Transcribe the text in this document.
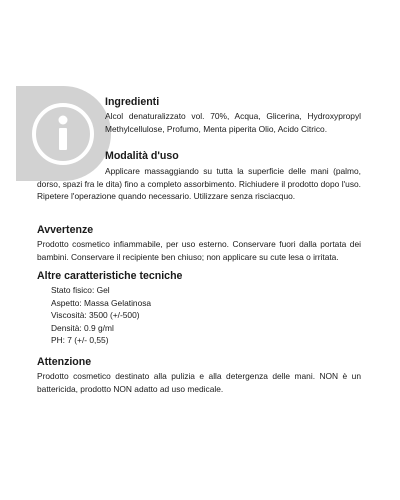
Ingredienti

Alcol denaturalizzato vol. 70%, Acqua, Glicerina, Hydroxypropyl Methylcellulose, Profumo, Menta piperita Olio, Acido Citrico.

Modalità d'uso

Applicare massaggiando su tutta la superficie delle mani (palmo, dorso, spazi fra le dita) fino a completo assorbimento. Richiudere il prodotto dopo l'uso. Ripetere l'operazione quando necessario. Utilizzare senza risciacquo.

Avvertenze

Prodotto cosmetico infiammabile, per uso esterno. Conservare fuori dalla portata dei bambini. Conservare il recipiente ben chiuso; non applicare su cute lesa o irritata.

Altre caratteristiche tecniche
Stato fisico: Gel
Aspetto: Massa Gelatinosa
Viscosità: 3500 (+/-500)
Densità: 0.9 g/ml
PH: 7 (+/- 0,55)
Attenzione

Prodotto cosmetico destinato alla pulizia e alla detergenza delle mani. NON è un battericida, prodotto NON adatto ad uso medicale.
